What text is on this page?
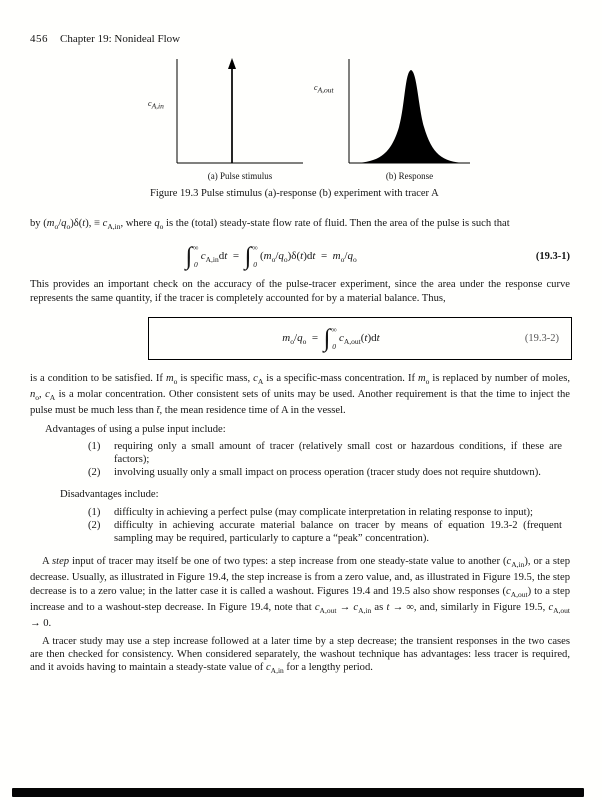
456 Chapter 19: Nonideal Flow
$c_{A,in}$
(a) Pulse stimulus
$c_{A,out}$
(b) Response
Figure 19.3 Pulse stimulus (a)-response (b) experiment with tracer A

by $(m_o/q_o)\delta(t)$, ≡ $c_{A,in}$, where $q_o$ is the (total) steady-state flow rate of fluid. Then the area of the pulse is such that

∫ ∞
0
 $c_{A,in}dt$ =  ∫ ∞
0
 $(m_o/q_o)\delta(t)dt$ = $m_o/q_o$	(19.3-1)

This provides an important check on the accuracy of the pulse-tracer experiment, since the area under the response curve represents the same quantity, if the tracer is completely accounted for by a material balance. Thus,

$m_o/q_o$ =  ∫ ∞
0
 $c_{A,out}(t)dt$	(19.3-2)

is a condition to be satisfied. If $m_o$ is specific mass, $c_A$ is a specific-mass concentration. If $m_o$ is replaced by number of moles, $n_o$, $c_A$ is a molar concentration. Other consistent sets of units may be used. Another requirement is that the time to inject the pulse must be much less than t̄, the mean residence time of A in the vessel.

Advantages of using a pulse input include:
(1)	requiring only a small amount of tracer (relatively small cost or hazardous conditions, if these are factors);
(2)	involving usually only a small impact on process operation (tracer study does not require shutdown).
Disadvantages include:
(1)	difficulty in achieving a perfect pulse (may complicate interpretation in relating response to input);
(2)	difficulty in achieving accurate material balance on tracer by means of equation 19.3-2 (frequent sampling may be required, particularly to capture a “peak” concentration).

A step input of tracer may itself be one of two types: a step increase from one steady-state value to another $(c_{A,in})$, or a step decrease. Usually, as illustrated in Figure 19.4, the step increase is from a zero value, and, as illustrated in Figure 19.5, the step decrease is to a zero value; in the latter case it is called a washout. Figures 19.4 and 19.5 also show responses $(c_{A,out})$ to a step increase and to a washout-step decrease. In Figure 19.4, note that $c_{A,out} \to c_{A,in}$ as t → ∞, and, similarly in Figure 19.5, $c_{A,out} \to 0$.

A tracer study may use a step increase followed at a later time by a step decrease; the transient responses in the two cases are then checked for consistency. When considered separately, the washout technique has advantages: less tracer is required, and it avoids having to maintain a steady-state value of $c_{A,in}$ for a lengthy period.
